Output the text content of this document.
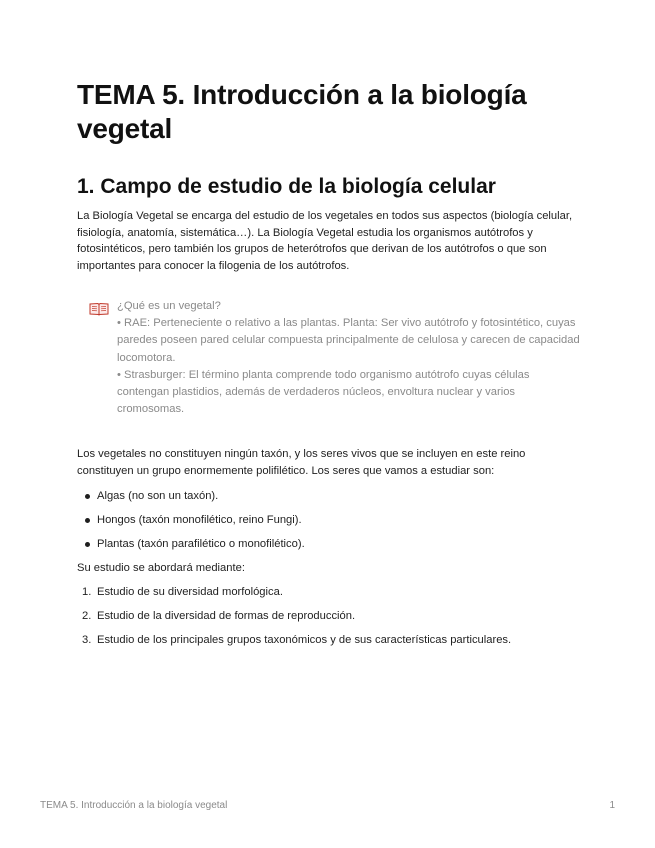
TEMA 5. Introducción a la biología vegetal
1. Campo de estudio de la biología celular

La Biología Vegetal se encarga del estudio de los vegetales en todos sus aspectos (biología celular, fisiología, anatomía, sistemática…). La Biología Vegetal estudia los organismos autótrofos y fotosintéticos, pero también los grupos de heterótrofos que derivan de los autótrofos o que son importantes para conocer la filogenia de los autótrofos.

¿Qué es un vegetal?
• RAE: Perteneciente o relativo a las plantas. Planta: Ser vivo autótrofo y fotosintético, cuyas paredes poseen pared celular compuesta principalmente de celulosa y carecen de capacidad locomotora.
• Strasburger: El término planta comprende todo organismo autótrofo cuyas células contengan plastidios, además de verdaderos núcleos, envoltura nuclear y varios cromosomas.

Los vegetales no constituyen ningún taxón, y los seres vivos que se incluyen en este reino constituyen un grupo enormemente polifilético. Los seres que vamos a estudiar son:

Algas (no son un taxón).
Hongos (taxón monofilético, reino Fungi).
Plantas (taxón parafilético o monofilético).

Su estudio se abordará mediante:

1. Estudio de su diversidad morfológica.
2. Estudio de la diversidad de formas de reproducción.
3. Estudio de los principales grupos taxonómicos y de sus características particulares.
TEMA 5. Introducción a la biología vegetal	1
